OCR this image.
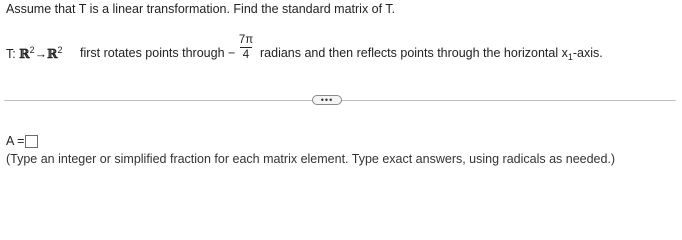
Assume that T is a linear transformation. Find the standard matrix of T.
T: ℝ$^2$→ℝ$^2$ first rotates points through −
7π
4 radians and then reflects points through the horizontal $x_1$-axis.
•••
A =
(Type an integer or simplified fraction for each matrix element. Type exact answers, using radicals as needed.)
